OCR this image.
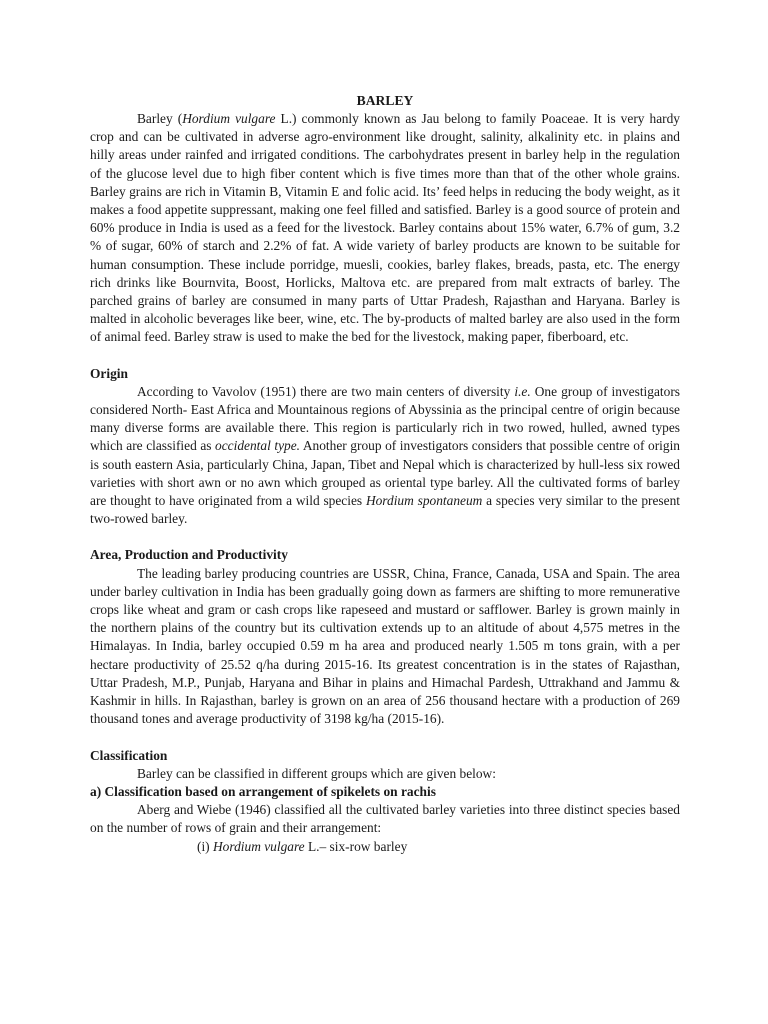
BARLEY

Barley (Hordium vulgare L.) commonly known as Jau belong to family Poaceae. It is very hardy crop and can be cultivated in adverse agro-environment like drought, salinity, alkalinity etc. in plains and hilly areas under rainfed and irrigated conditions. The carbohydrates present in barley help in the regulation of the glucose level due to high fiber content which is five times more than that of the other whole grains. Barley grains are rich in Vitamin B, Vitamin E and folic acid. Its’ feed helps in reducing the body weight, as it makes a food appetite suppressant, making one feel filled and satisfied. Barley is a good source of protein and 60% produce in India is used as a feed for the livestock. Barley contains about 15% water, 6.7% of gum, 3.2 % of sugar, 60% of starch and 2.2% of fat. A wide variety of barley products are known to be suitable for human consumption. These include porridge, muesli, cookies, barley flakes, breads, pasta, etc. The energy rich drinks like Bournvita, Boost, Horlicks, Maltova etc. are prepared from malt extracts of barley. The parched grains of barley are consumed in many parts of Uttar Pradesh, Rajasthan and Haryana. Barley is malted in alcoholic beverages like beer, wine, etc. The by-products of malted barley are also used in the form of animal feed. Barley straw is used to make the bed for the livestock, making paper, fiberboard, etc.

Origin

According to Vavolov (1951) there are two main centers of diversity i.e. One group of investigators considered North- East Africa and Mountainous regions of Abyssinia as the principal centre of origin because many diverse forms are available there. This region is particularly rich in two rowed, hulled, awned types which are classified as occidental type. Another group of investigators considers that possible centre of origin is south eastern Asia, particularly China, Japan, Tibet and Nepal which is characterized by hull-less six rowed varieties with short awn or no awn which grouped as oriental type barley. All the cultivated forms of barley are thought to have originated from a wild species Hordium spontaneum a species very similar to the present two-rowed barley.

Area, Production and Productivity

The leading barley producing countries are USSR, China, France, Canada, USA and Spain. The area under barley cultivation in India has been gradually going down as farmers are shifting to more remunerative crops like wheat and gram or cash crops like rapeseed and mustard or safflower. Barley is grown mainly in the northern plains of the country but its cultivation extends up to an altitude of about 4,575 metres in the Himalayas. In India, barley occupied 0.59 m ha area and produced nearly 1.505 m tons grain, with a per hectare productivity of 25.52 q/ha during 2015-16. Its greatest concentration is in the states of Rajasthan, Uttar Pradesh, M.P., Punjab, Haryana and Bihar in plains and Himachal Pardesh, Uttrakhand and Jammu & Kashmir in hills. In Rajasthan, barley is grown on an area of 256 thousand hectare with a production of 269 thousand tones and average productivity of 3198 kg/ha (2015-16).

Classification

Barley can be classified in different groups which are given below:

a) Classification based on arrangement of spikelets on rachis

Aberg and Wiebe (1946) classified all the cultivated barley varieties into three distinct species based on the number of rows of grain and their arrangement:

(i) Hordium vulgare L.– six-row barley
